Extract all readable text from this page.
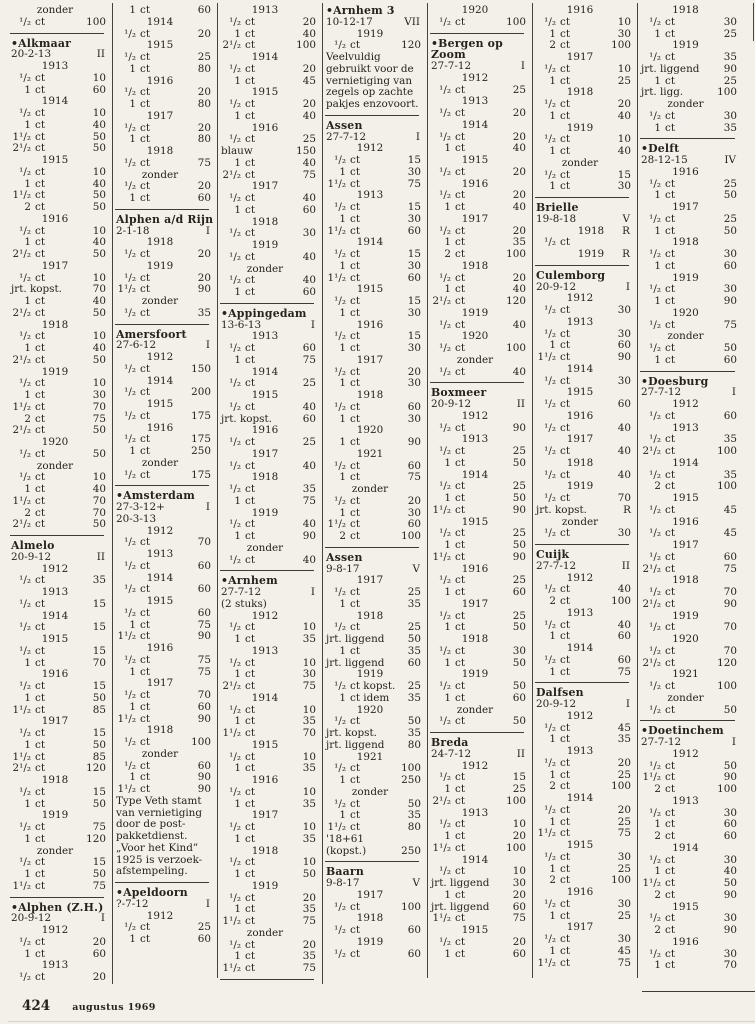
zonder
¹/₂ ct	100
•Alkmaar
20-2-13	II
1913
¹/₂ ct	10
1 ct	60
1914
¹/₂ ct	10
1 ct	40
1¹/₂ ct	50
2¹/₂ ct	50
1915
¹/₂ ct	10
1 ct	40
1¹/₂ ct	50
2 ct	50
1916
¹/₂ ct	10
1 ct	40
2¹/₂ ct	50
1917
¹/₂ ct	10
jrt. kopst.	70
1 ct	40
2¹/₂ ct	50
1918
¹/₂ ct	10
1 ct	40
2¹/₂ ct	50
1919
¹/₂ ct	10
1 ct	30
1¹/₂ ct	70
2 ct	75
2¹/₂ ct	50
1920
¹/₂ ct	50
zonder
¹/₂ ct	10
1 ct	40
1¹/₂ ct	70
2 ct	70
2¹/₂ ct	50
Almelo
20-9-12	II
1912
¹/₂ ct	35
1913
¹/₂ ct	15
1914
¹/₂ ct	15
1915
¹/₂ ct	15
1 ct	70
1916
¹/₂ ct	15
1 ct	50
1¹/₂ ct	85
1917
¹/₂ ct	15
1 ct	50
1¹/₂ ct	85
2¹/₂ ct	120
1918
¹/₂ ct	15
1 ct	50
1919
¹/₂ ct	75
1 ct	120
zonder
¹/₂ ct	15
1 ct	50
1¹/₂ ct	75
•Alphen (Z.H.)
20-9-12	I
1912
¹/₂ ct	20
1 ct	60
1913
¹/₂ ct	20
1 ct	60
1914
¹/₂ ct	20
1915
¹/₂ ct	25
1 ct	80
1916
¹/₂ ct	20
1 ct	80
1917
¹/₂ ct	20
1 ct	80
1918
¹/₂ ct	75
zonder
¹/₂ ct	20
1 ct	60
Alphen a/d Rijn
2-1-18	I
1918
¹/₂ ct	20
1919
¹/₂ ct	20
1¹/₂ ct	90
zonder
¹/₂ ct	35
Amersfoort
27-6-12	I
1912
¹/₂ ct	150
1914
¹/₂ ct	200
1915
¹/₂ ct	175
1916
¹/₂ ct	175
1 ct	250
zonder
¹/₂ ct	175
•Amsterdam
27-3-12+	I
20-3-13
1912
¹/₂ ct	70
1913
¹/₂ ct	60
1914
¹/₂ ct	60
1915
¹/₂ ct	60
1 ct	75
1¹/₂ ct	90
1916
¹/₂ ct	75
1 ct	75
1917
¹/₂ ct	70
1 ct	60
1¹/₂ ct	90
1918
¹/₂ ct	100
zonder
¹/₂ ct	60
1 ct	90
1¹/₂ ct	90
Type Veth stamt van vernietiging door de post-pakketdienst. „Voor het Kind” 1925 is verzoek-afstempeling.
•Apeldoorn
?-7-12	I
1912
¹/₂ ct	25
1 ct	60
1913
¹/₂ ct	20
1 ct	40
2¹/₂ ct	100
1914
¹/₂ ct	20
1 ct	45
1915
¹/₂ ct	20
1 ct	40
1916
¹/₂ ct	25
blauw	150
1 ct	40
2¹/₂ ct	75
1917
¹/₂ ct	40
1 ct	60
1918
¹/₂ ct	30
1919
¹/₂ ct	40
zonder
¹/₂ ct	40
1 ct	60
•Appingedam
13-6-13	I
1913
¹/₂ ct	60
1 ct	75
1914
¹/₂ ct	25
1915
¹/₂ ct	40
jrt. kopst.	60
1916
¹/₂ ct	25
1917
¹/₂ ct	40
1918
¹/₂ ct	35
1 ct	75
1919
¹/₂ ct	40
1 ct	90
zonder
¹/₂ ct	40
•Arnhem
27-7-12	I
(2 stuks)
1912
¹/₂ ct	10
1 ct	35
1913
¹/₂ ct	10
1 ct	30
2¹/₂ ct	75
1914
¹/₂ ct	10
1 ct	35
1¹/₂ ct	70
1915
¹/₂ ct	10
1 ct	35
1916
¹/₂ ct	10
1 ct	35
1917
¹/₂ ct	10
1 ct	35
1918
¹/₂ ct	10
1 ct	50
1919
¹/₂ ct	20
1 ct	35
1¹/₂ ct	75
zonder
¹/₂ ct	20
1 ct	35
1¹/₂ ct	75
•Arnhem 3
10-12-17	VII
1919
¹/₂ ct	120
Veelvuldig gebruikt voor de vernietiging van zegels op zachte pakjes enzovoort.
Assen
27-7-12	I
1912
¹/₂ ct	15
1 ct	30
1¹/₂ ct	75
1913
¹/₂ ct	15
1 ct	30
1¹/₂ ct	60
1914
¹/₂ ct	15
1 ct	30
1¹/₂ ct	60
1915
¹/₂ ct	15
1 ct	30
1916
¹/₂ ct	15
1 ct	30
1917
¹/₂ ct	20
1 ct	30
1918
¹/₂ ct	60
1 ct	30
1920
1 ct	90
1921
¹/₂ ct	60
1 ct	75
zonder
¹/₂ ct	20
1 ct	30
1¹/₂ ct	60
2 ct	100
Assen
9-8-17	V
1917
¹/₂ ct	25
1 ct	35
1918
¹/₂ ct	25
jrt. liggend 50
1 ct	35
jrt. liggend 60
1919
¹/₂ ct kopst. 25
1 ct idem 35
1920
¹/₂ ct	50
jrt. kopst.	35
jrt. liggend 80
1921
¹/₂ ct	100
1 ct	250
zonder
¹/₂ ct	50
1 ct	35
1¹/₂ ct	80
'18+61
(kopst.)	250
Baarn
9-8-17	V
1917
¹/₂ ct	100
1918
¹/₂ ct	60
1919
¹/₂ ct	60
1920
¹/₂ ct	100
•Bergen op Zoom
27-7-12	I
1912
¹/₂ ct	25
1913
¹/₂ ct	20
1914
¹/₂ ct	20
1 ct	40
1915
¹/₂ ct	20
1916
¹/₂ ct	20
1 ct	40
1917
¹/₂ ct	20
1 ct	35
2 ct	100
1918
¹/₂ ct	20
1 ct	40
2¹/₂ ct	120
1919
¹/₂ ct	40
1920
¹/₂ ct	100
zonder
¹/₂ ct	40
Boxmeer
20-9-12	II
1912
¹/₂ ct	90
1913
¹/₂ ct	25
1 ct	50
1914
¹/₂ ct	25
1 ct	50
1¹/₂ ct	90
1915
¹/₂ ct	25
1 ct	50
1¹/₂ ct	90
1916
¹/₂ ct	25
1 ct	60
1917
¹/₂ ct	25
1 ct	50
1918
¹/₂ ct	30
1 ct	50
1919
¹/₂ ct	50
1 ct	60
zonder
¹/₂ ct	50
Breda
24-7-12	II
1912
¹/₂ ct	15
1 ct	25
2¹/₂ ct	100
1913
¹/₂ ct	10
1 ct	20
1¹/₂ ct	100
1914
¹/₂ ct	10
jrt. liggend 30
1 ct	20
jrt. liggend 60
1¹/₂ ct	75
1915
¹/₂ ct	20
1 ct	60
1916
¹/₂ ct	10
1 ct	30
2 ct	100
1917
¹/₂ ct	10
1 ct	25
1918
¹/₂ ct	20
1 ct	40
1919
¹/₂ ct	10
1 ct	40
zonder
¹/₂ ct	15
1 ct	30
Brielle
19-8-18	V
1918 R
¹/₂ ct
1919 R
Culemborg
20-9-12	I
1912
¹/₂ ct	30
1913
¹/₂ ct	30
1 ct	60
1¹/₂ ct	90
1914
¹/₂ ct	30
1915
¹/₂ ct	60
1916
¹/₂ ct	40
1917
¹/₂ ct	40
1918
¹/₂ ct	40
1919
¹/₂ ct	70
jrt. kopst.	R
zonder
¹/₂ ct	30
Cuijk
27-7-12	II
1912
¹/₂ ct	40
2 ct	100
1913
¹/₂ ct	40
1 ct	60
1914
¹/₂ ct	60
1 ct	75
Dalfsen
20-9-12	I
1912
¹/₂ ct	45
1 ct	35
1913
¹/₂ ct	20
1 ct	25
2 ct	100
1914
¹/₂ ct	20
1 ct	25
1¹/₂ ct	75
1915
¹/₂ ct	30
1 ct	25
2 ct	100
1916
¹/₂ ct	30
1 ct	25
1917
¹/₂ ct	30
1 ct	45
1¹/₂ ct	75
1918
¹/₂ ct	30
1 ct	25
1919
¹/₂ ct	35
jrt. liggend 90
1 ct	25
jrt. ligg.	100
zonder
¹/₂ ct	30
1 ct	35
•Delft
28-12-15	IV
1916
¹/₂ ct	25
1 ct	50
1917
¹/₂ ct	25
1 ct	50
1918
¹/₂ ct	30
1 ct	60
1919
¹/₂ ct	30
1 ct	90
1920
¹/₂ ct	75
zonder
¹/₂ ct	50
1 ct	60
•Doesburg
27-7-12	I
1912
¹/₂ ct	60
1913
¹/₂ ct	35
2¹/₂ ct	100
1914
¹/₂ ct	35
2 ct	100
1915
¹/₂ ct	45
1916
¹/₂ ct	45
1917
¹/₂ ct	60
2¹/₂ ct	75
1918
¹/₂ ct	70
2¹/₂ ct	90
1919
¹/₂ ct	70
1920
¹/₂ ct	70
2¹/₂ ct	120
1921
¹/₂ ct	100
zonder
¹/₂ ct	50
•Doetinchem
27-7-12	I
1912
¹/₂ ct	50
1¹/₂ ct	90
2 ct	100
1913
¹/₂ ct	30
1 ct	60
2 ct	60
1914
¹/₂ ct	30
1 ct	40
1¹/₂ ct	50
2 ct	90
1915
¹/₂ ct	30
2 ct	90
1916
¹/₂ ct	30
1 ct	70
424 augustus 1969
